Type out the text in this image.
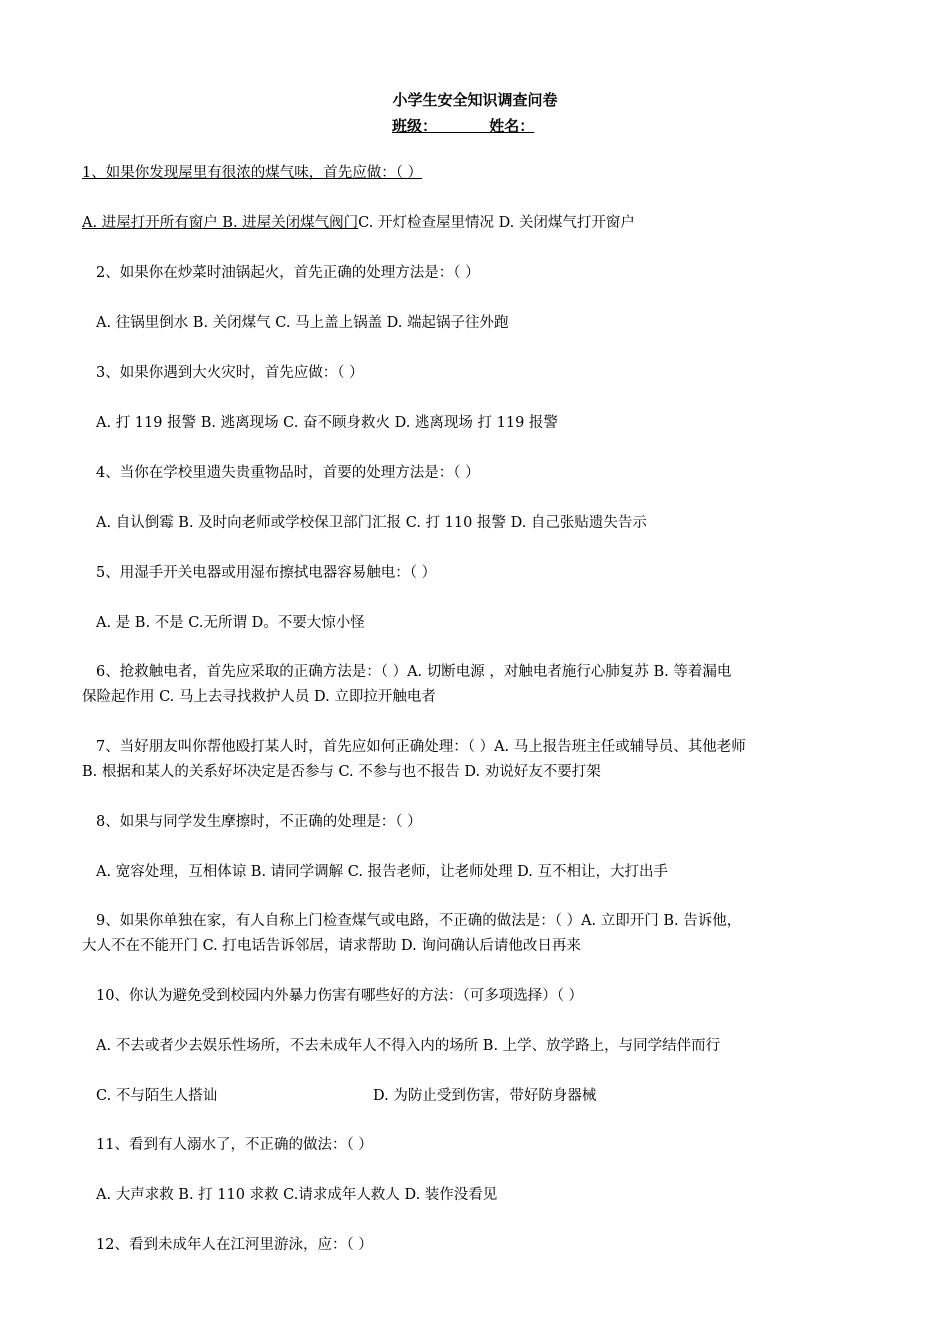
小学生安全知识调查问卷
班级：          姓名：
1、如果你发现屋里有很浓的煤气味，首先应做：（ ）
A. 进屋打开所有窗户 B. 进屋关闭煤气阀门C. 开灯检查屋里情况 D. 关闭煤气打开窗户
2、如果你在炒菜时油锅起火，首先正确的处理方法是：（ ）
A. 往锅里倒水 B. 关闭煤气 C. 马上盖上锅盖 D. 端起锅子往外跑
3、如果你遇到大火灾时，首先应做：（ ）
A. 打 119 报警 B. 逃离现场 C. 奋不顾身救火 D. 逃离现场 打 119 报警
4、当你在学校里遗失贵重物品时，首要的处理方法是：（ ）
A. 自认倒霉 B. 及时向老师或学校保卫部门汇报 C. 打 110 报警 D. 自己张贴遗失告示
5、用湿手开关电器或用湿布擦拭电器容易触电：（ ）
A. 是 B. 不是 C.无所谓 D。不要大惊小怪
6、抢救触电者，首先应采取的正确方法是：（ ）A. 切断电源 ，对触电者施行心肺复苏 B. 等着漏电
保险起作用 C. 马上去寻找救护人员 D. 立即拉开触电者
7、当好朋友叫你帮他殴打某人时，首先应如何正确处理：（ ）A. 马上报告班主任或辅导员、其他老师
B. 根据和某人的关系好坏决定是否参与 C. 不参与也不报告 D. 劝说好友不要打架
8、如果与同学发生摩擦时，不正确的处理是：（ ）
A. 宽容处理，互相体谅 B. 请同学调解 C. 报告老师，让老师处理 D. 互不相让，大打出手
9、如果你单独在家，有人自称上门检查煤气或电路，不正确的做法是：（ ）A. 立即开门 B. 告诉他，
大人不在不能开门 C. 打电话告诉邻居，请求帮助 D. 询问确认后请他改日再来
10、你认为避免受到校园内外暴力伤害有哪些好的方法：（可多项选择）（ ）
A. 不去或者少去娱乐性场所，不去未成年人不得入内的场所 B. 上学、放学路上，与同学结伴而行
C. 不与陌生人搭讪	D. 为防止受到伤害，带好防身器械
11、看到有人溺水了，不正确的做法：（ ）
A. 大声求救 B. 打 110 求救 C.请求成年人救人 D. 装作没看见
12、看到未成年人在江河里游泳，应：（ ）
